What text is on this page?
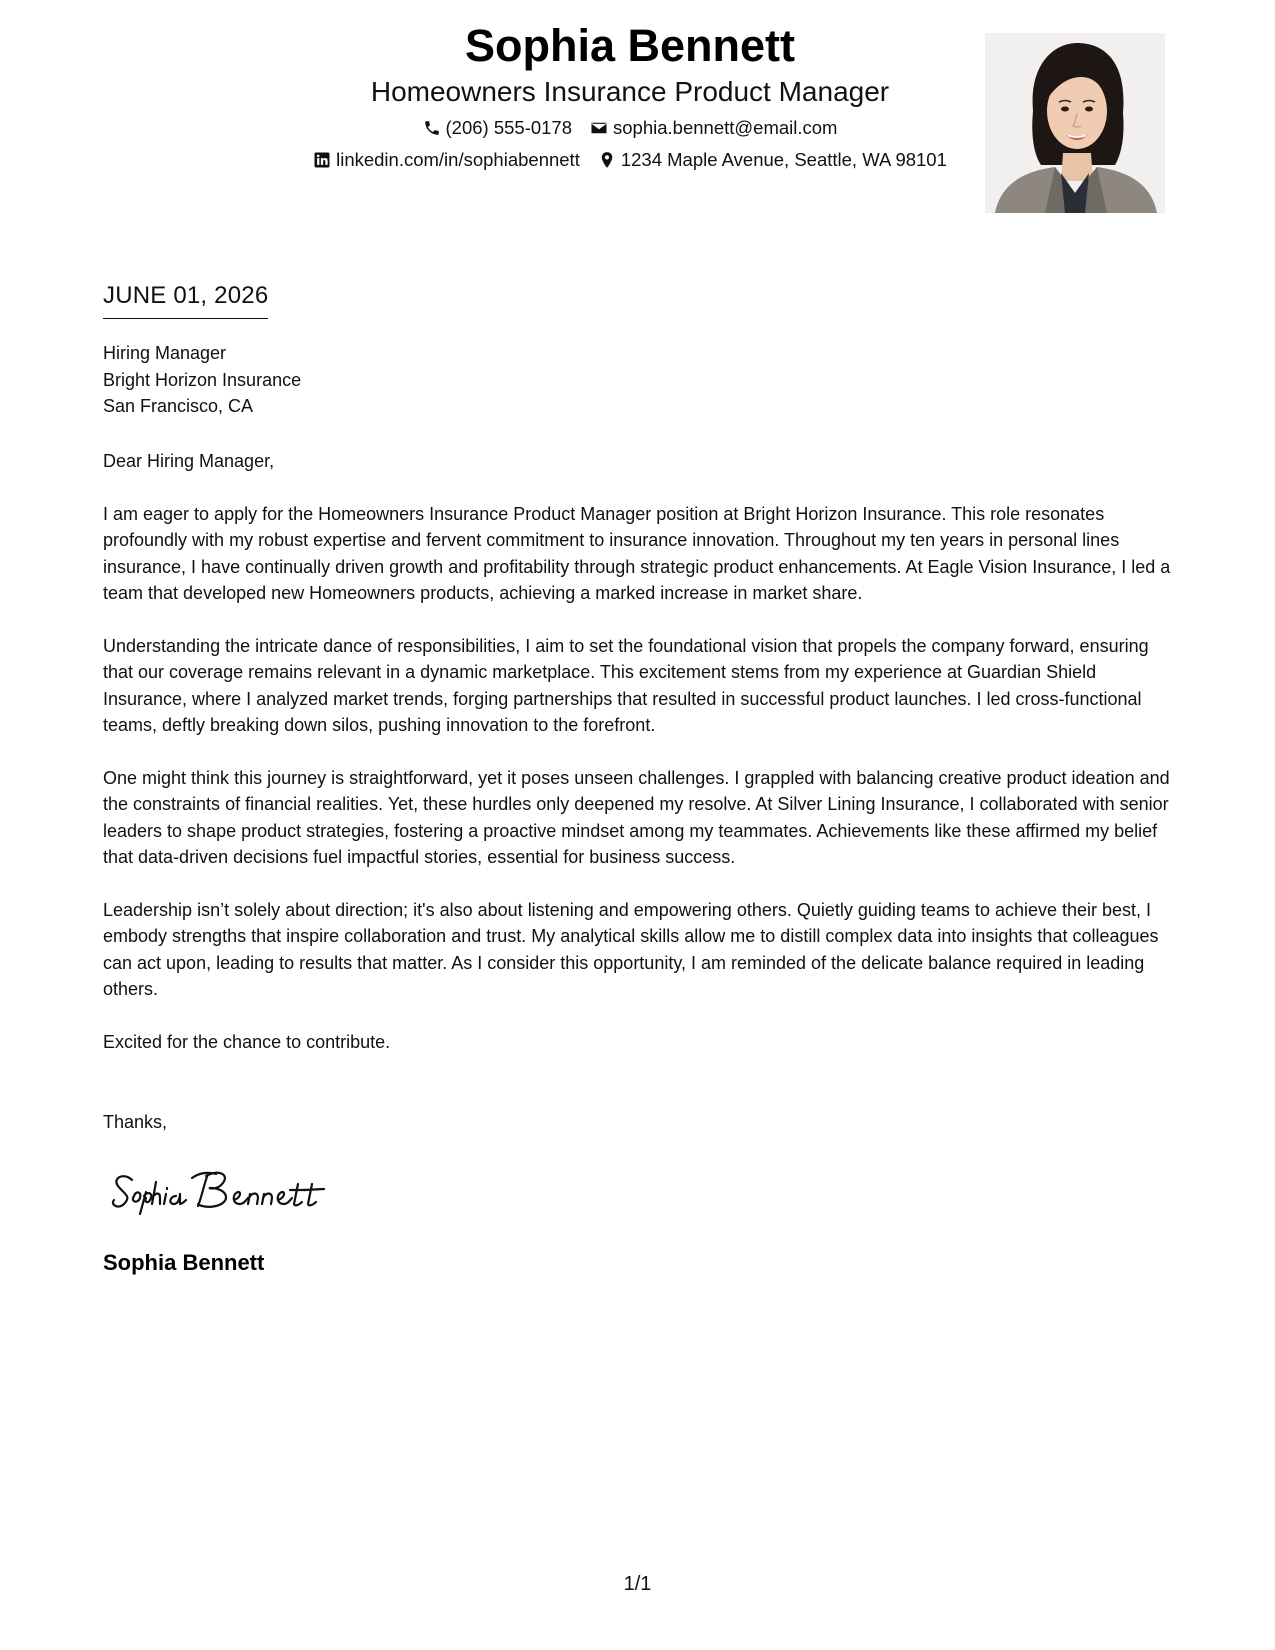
Sophia Bennett
Homeowners Insurance Product Manager
(206) 555-0178 sophia.bennett@email.com
linkedin.com/in/sophiabennett 1234 Maple Avenue, Seattle, WA 98101
JUNE 01, 2026
Hiring Manager
Bright Horizon Insurance
San Francisco, CA

Dear Hiring Manager,

I am eager to apply for the Homeowners Insurance Product Manager position at Bright Horizon Insurance. This role resonates profoundly with my robust expertise and fervent commitment to insurance innovation. Throughout my ten years in personal lines insurance, I have continually driven growth and profitability through strategic product enhancements. At Eagle Vision Insurance, I led a team that developed new Homeowners products, achieving a marked increase in market share.

Understanding the intricate dance of responsibilities, I aim to set the foundational vision that propels the company forward, ensuring that our coverage remains relevant in a dynamic marketplace. This excitement stems from my experience at Guardian Shield Insurance, where I analyzed market trends, forging partnerships that resulted in successful product launches. I led cross-functional teams, deftly breaking down silos, pushing innovation to the forefront.

One might think this journey is straightforward, yet it poses unseen challenges. I grappled with balancing creative product ideation and the constraints of financial realities. Yet, these hurdles only deepened my resolve. At Silver Lining Insurance, I collaborated with senior leaders to shape product strategies, fostering a proactive mindset among my teammates. Achievements like these affirmed my belief that data-driven decisions fuel impactful stories, essential for business success.

Leadership isn’t solely about direction; it's also about listening and empowering others. Quietly guiding teams to achieve their best, I embody strengths that inspire collaboration and trust. My analytical skills allow me to distill complex data into insights that colleagues can act upon, leading to results that matter. As I consider this opportunity, I am reminded of the delicate balance required in leading others.

Excited for the chance to contribute.

Thanks,
Sophia Bennett
1/1
